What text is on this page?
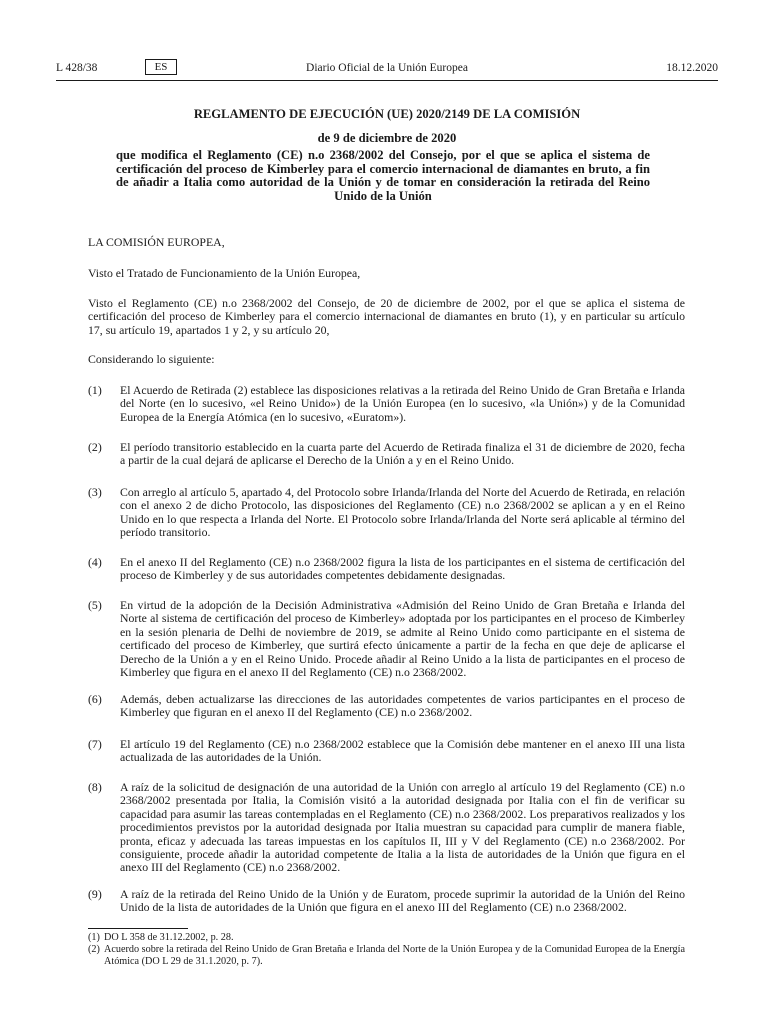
L 428/38	ES	Diario Oficial de la Unión Europea	18.12.2020
REGLAMENTO DE EJECUCIÓN (UE) 2020/2149 DE LA COMISIÓN
de 9 de diciembre de 2020
que modifica el Reglamento (CE) n.o 2368/2002 del Consejo, por el que se aplica el sistema de certificación del proceso de Kimberley para el comercio internacional de diamantes en bruto, a fin de añadir a Italia como autoridad de la Unión y de tomar en consideración la retirada del Reino Unido de la Unión

LA COMISIÓN EUROPEA,

Visto el Tratado de Funcionamiento de la Unión Europea,

Visto el Reglamento (CE) n.o 2368/2002 del Consejo, de 20 de diciembre de 2002, por el que se aplica el sistema de certificación del proceso de Kimberley para el comercio internacional de diamantes en bruto (1), y en particular su artículo 17, su artículo 19, apartados 1 y 2, y su artículo 20,

Considerando lo siguiente:

(1)	El Acuerdo de Retirada (2) establece las disposiciones relativas a la retirada del Reino Unido de Gran Bretaña e Irlanda del Norte (en lo sucesivo, «el Reino Unido») de la Unión Europea (en lo sucesivo, «la Unión») y de la Comunidad Europea de la Energía Atómica (en lo sucesivo, «Euratom»).
(2)	El período transitorio establecido en la cuarta parte del Acuerdo de Retirada finaliza el 31 de diciembre de 2020, fecha a partir de la cual dejará de aplicarse el Derecho de la Unión a y en el Reino Unido.
(3)	Con arreglo al artículo 5, apartado 4, del Protocolo sobre Irlanda/Irlanda del Norte del Acuerdo de Retirada, en relación con el anexo 2 de dicho Protocolo, las disposiciones del Reglamento (CE) n.o 2368/2002 se aplican a y en el Reino Unido en lo que respecta a Irlanda del Norte. El Protocolo sobre Irlanda/Irlanda del Norte será aplicable al término del período transitorio.
(4)	En el anexo II del Reglamento (CE) n.o 2368/2002 figura la lista de los participantes en el sistema de certificación del proceso de Kimberley y de sus autoridades competentes debidamente designadas.
(5)	En virtud de la adopción de la Decisión Administrativa «Admisión del Reino Unido de Gran Bretaña e Irlanda del Norte al sistema de certificación del proceso de Kimberley» adoptada por los participantes en el proceso de Kimberley en la sesión plenaria de Delhi de noviembre de 2019, se admite al Reino Unido como participante en el sistema de certificado del proceso de Kimberley, que surtirá efecto únicamente a partir de la fecha en que deje de aplicarse el Derecho de la Unión a y en el Reino Unido. Procede añadir al Reino Unido a la lista de participantes en el proceso de Kimberley que figura en el anexo II del Reglamento (CE) n.o 2368/2002.
(6)	Además, deben actualizarse las direcciones de las autoridades competentes de varios participantes en el proceso de Kimberley que figuran en el anexo II del Reglamento (CE) n.o 2368/2002.
(7)	El artículo 19 del Reglamento (CE) n.o 2368/2002 establece que la Comisión debe mantener en el anexo III una lista actualizada de las autoridades de la Unión.
(8)	A raíz de la solicitud de designación de una autoridad de la Unión con arreglo al artículo 19 del Reglamento (CE) n.o 2368/2002 presentada por Italia, la Comisión visitó a la autoridad designada por Italia con el fin de verificar su capacidad para asumir las tareas contempladas en el Reglamento (CE) n.o 2368/2002. Los preparativos realizados y los procedimientos previstos por la autoridad designada por Italia muestran su capacidad para cumplir de manera fiable, pronta, eficaz y adecuada las tareas impuestas en los capítulos II, III y V del Reglamento (CE) n.o 2368/2002. Por consiguiente, procede añadir la autoridad competente de Italia a la lista de autoridades de la Unión que figura en el anexo III del Reglamento (CE) n.o 2368/2002.
(9)	A raíz de la retirada del Reino Unido de la Unión y de Euratom, procede suprimir la autoridad de la Unión del Reino Unido de la lista de autoridades de la Unión que figura en el anexo III del Reglamento (CE) n.o 2368/2002.
(1) DO L 358 de 31.12.2002, p. 28.
(2) Acuerdo sobre la retirada del Reino Unido de Gran Bretaña e Irlanda del Norte de la Unión Europea y de la Comunidad Europea de la Energía Atómica (DO L 29 de 31.1.2020, p. 7).
